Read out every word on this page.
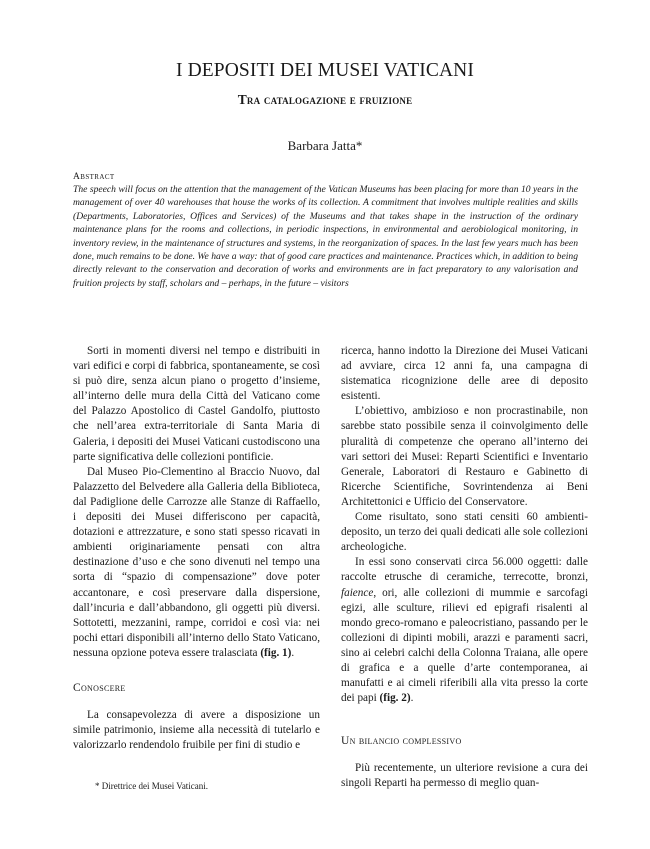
I DEPOSITI DEI MUSEI VATICANI
Tra catalogazione e fruizione
Barbara Jatta*
Abstract

The speech will focus on the attention that the management of the Vatican Museums has been placing for more than 10 years in the management of over 40 warehouses that house the works of its collection. A commitment that involves multiple realities and skills (Departments, Laboratories, Offices and Services) of the Museums and that takes shape in the instruction of the ordinary maintenance plans for the rooms and collections, in periodic inspections, in environmental and aerobiological monitoring, in inventory review, in the maintenance of structures and systems, in the reorganization of spaces. In the last few years much has been done, much remains to be done. We have a way: that of good care practices and maintenance. Practices which, in addition to being directly relevant to the conservation and decoration of works and environments are in fact preparatory to any valorisation and fruition projects by staff, scholars and – perhaps, in the future – visitors

Sorti in momenti diversi nel tempo e distribuiti in vari edifici e corpi di fabbrica, spontaneamente, se così si può dire, senza alcun piano o progetto d’insieme, all’interno delle mura della Città del Vaticano come del Palazzo Apostolico di Castel Gandolfo, piuttosto che nell’area extra-territoriale di Santa Maria di Galeria, i depositi dei Musei Vaticani custodiscono una parte significativa delle collezioni pontificie.

Dal Museo Pio-Clementino al Braccio Nuovo, dal Palazzetto del Belvedere alla Galleria della Biblioteca, dal Padiglione delle Carrozze alle Stanze di Raffaello, i depositi dei Musei differiscono per capacità, dotazioni e attrezzature, e sono stati spesso ricavati in ambienti originariamente pensati con altra destinazione d’uso e che sono divenuti nel tempo una sorta di “spazio di compensazione” dove poter accantonare, e così preservare dalla dispersione, dall’incuria e dall’abbandono, gli oggetti più diversi. Sottotetti, mezzanini, rampe, corridoi e così via: nei pochi ettari disponibili all’interno dello Stato Vaticano, nessuna opzione poteva essere tralasciata (fig. 1).

Conoscere

La consapevolezza di avere a disposizione un simile patrimonio, insieme alla necessità di tutelarlo e valorizzarlo rendendolo fruibile per fini di studio e

ricerca, hanno indotto la Direzione dei Musei Vaticani ad avviare, circa 12 anni fa, una campagna di sistematica ricognizione delle aree di deposito esistenti.

L’obiettivo, ambizioso e non procrastinabile, non sarebbe stato possibile senza il coinvolgimento delle pluralità di competenze che operano all’interno dei vari settori dei Musei: Reparti Scientifici e Inventario Generale, Laboratori di Restauro e Gabinetto di Ricerche Scientifiche, Sovrintendenza ai Beni Architettonici e Ufficio del Conservatore.

Come risultato, sono stati censiti 60 ambienti-deposito, un terzo dei quali dedicati alle sole collezioni archeologiche.

In essi sono conservati circa 56.000 oggetti: dalle raccolte etrusche di ceramiche, terrecotte, bronzi, faience, ori, alle collezioni di mummie e sarcofagi egizi, alle sculture, rilievi ed epigrafi risalenti al mondo greco-romano e paleocristiano, passando per le collezioni di dipinti mobili, arazzi e paramenti sacri, sino ai celebri calchi della Colonna Traiana, alle opere di grafica e a quelle d’arte contemporanea, ai manufatti e ai cimeli riferibili alla vita presso la corte dei papi (fig. 2).

Un bilancio complessivo

Più recentemente, un ulteriore revisione a cura dei singoli Reparti ha permesso di meglio quan-

* Direttrice dei Musei Vaticani.
